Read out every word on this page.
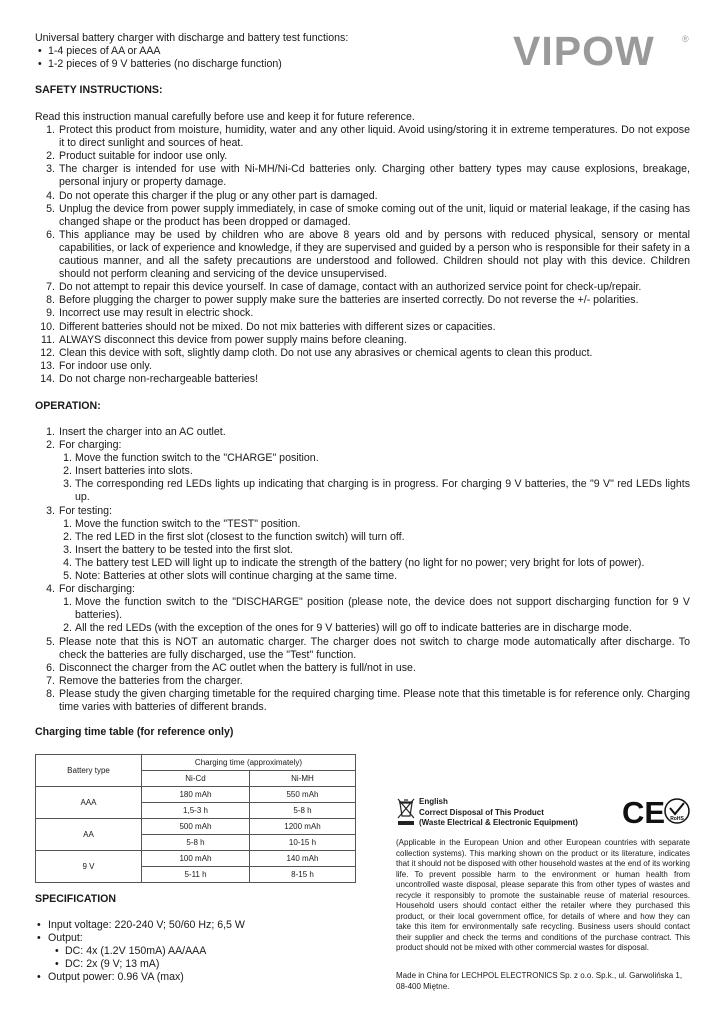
VIPOW	®
Universal battery charger with discharge and battery test functions:
• 1-4 pieces of AA or AAA
• 1-2 pieces of 9 V batteries (no discharge function)
SAFETY INSTRUCTIONS:
Read this instruction manual carefully before use and keep it for future reference.
1. Protect this product from moisture, humidity, water and any other liquid. Avoid using/storing it in extreme temperatures. Do not expose it to direct sunlight and sources of heat.
2. Product suitable for indoor use only.
3. The charger is intended for use with Ni-MH/Ni-Cd batteries only. Charging other battery types may cause explosions, breakage, personal injury or property damage.
4. Do not operate this charger if the plug or any other part is damaged.
5. Unplug the device from power supply immediately, in case of smoke coming out of the unit, liquid or material leakage, if the casing has changed shape or the product has been dropped or damaged.
6. This appliance may be used by children who are above 8 years old and by persons with reduced physical, sensory or mental capabilities, or lack of experience and knowledge, if they are supervised and guided by a person who is responsible for their safety in a cautious manner, and all the safety precautions are understood and followed. Children should not play with this device. Children should not perform cleaning and servicing of the device unsupervised.
7. Do not attempt to repair this device yourself. In case of damage, contact with an authorized service point for check-up/repair.
8. Before plugging the charger to power supply make sure the batteries are inserted correctly. Do not reverse the +/- polarities.
9. Incorrect use may result in electric shock.
10. Different batteries should not be mixed. Do not mix batteries with different sizes or capacities.
11. ALWAYS disconnect this device from power supply mains before cleaning.
12. Clean this device with soft, slightly damp cloth. Do not use any abrasives or chemical agents to clean this product.
13. For indoor use only.
14. Do not charge non-rechargeable batteries!
OPERATION:
1. Insert the charger into an AC outlet.
2. For charging:
1. Move the function switch to the "CHARGE" position.
2. Insert batteries into slots.
3. The corresponding red LEDs lights up indicating that charging is in progress. For charging 9 V batteries, the "9 V" red LEDs lights up.
3. For testing:
1. Move the function switch to the "TEST" position.
2. The red LED in the first slot (closest to the function switch) will turn off.
3. Insert the battery to be tested into the first slot.
4. The battery test LED will light up to indicate the strength of the battery (no light for no power; very bright for lots of power).
5. Note: Batteries at other slots will continue charging at the same time.
4. For discharging:
1. Move the function switch to the "DISCHARGE" position (please note, the device does not support discharging function for 9 V batteries).
2. All the red LEDs (with the exception of the ones for 9 V batteries) will go off to indicate batteries are in discharge mode.
5. Please note that this is NOT an automatic charger. The charger does not switch to charge mode automatically after discharge. To check the batteries are fully discharged, use the "Test" function.
6. Disconnect the charger from the AC outlet when the battery is full/not in use.
7. Remove the batteries from the charger.
8. Please study the given charging timetable for the required charging time. Please note that this timetable is for reference only. Charging time varies with batteries of different brands.
Charging time table (for reference only)
Battery type	Charging time (approximately)	
	Ni-Cd	Ni-MH
AAA	180 mAh	550 mAh
	1,5-3 h	5-8 h
AA	500 mAh	1200 mAh
	5-8 h	10-15 h
9 V	100 mAh	140 mAh
	5-11 h	8-15 h
SPECIFICATION
• Input voltage: 220-240 V; 50/60 Hz; 6,5 W
• Output:
• DC: 4x (1.2V 150mA) AA/AAA
• DC: 2x (9 V; 13 mA)
• Output power: 0.96 VA (max)
English
Correct Disposal of This Product
(Waste Electrical & Electronic Equipment)	CE RoHS
(Applicable in the European Union and other European countries with separate collection systems). This marking shown on the product or its literature, indicates that it should not be disposed with other household wastes at the end of its working life. To prevent possible harm to the environment or human health from uncontrolled waste disposal, please separate this from other types of wastes and recycle it responsibly to promote the sustainable reuse of material resources. Household users should contact either the retailer where they purchased this product, or their local government office, for details of where and how they can take this item for environmentally safe recycling. Business users should contact their supplier and check the terms and conditions of the purchase contract. This product should not be mixed with other commercial wastes for disposal.
Made in China for LECHPOL ELECTRONICS Sp. z o.o. Sp.k., ul. Garwolińska 1, 08-400 Miętne.
